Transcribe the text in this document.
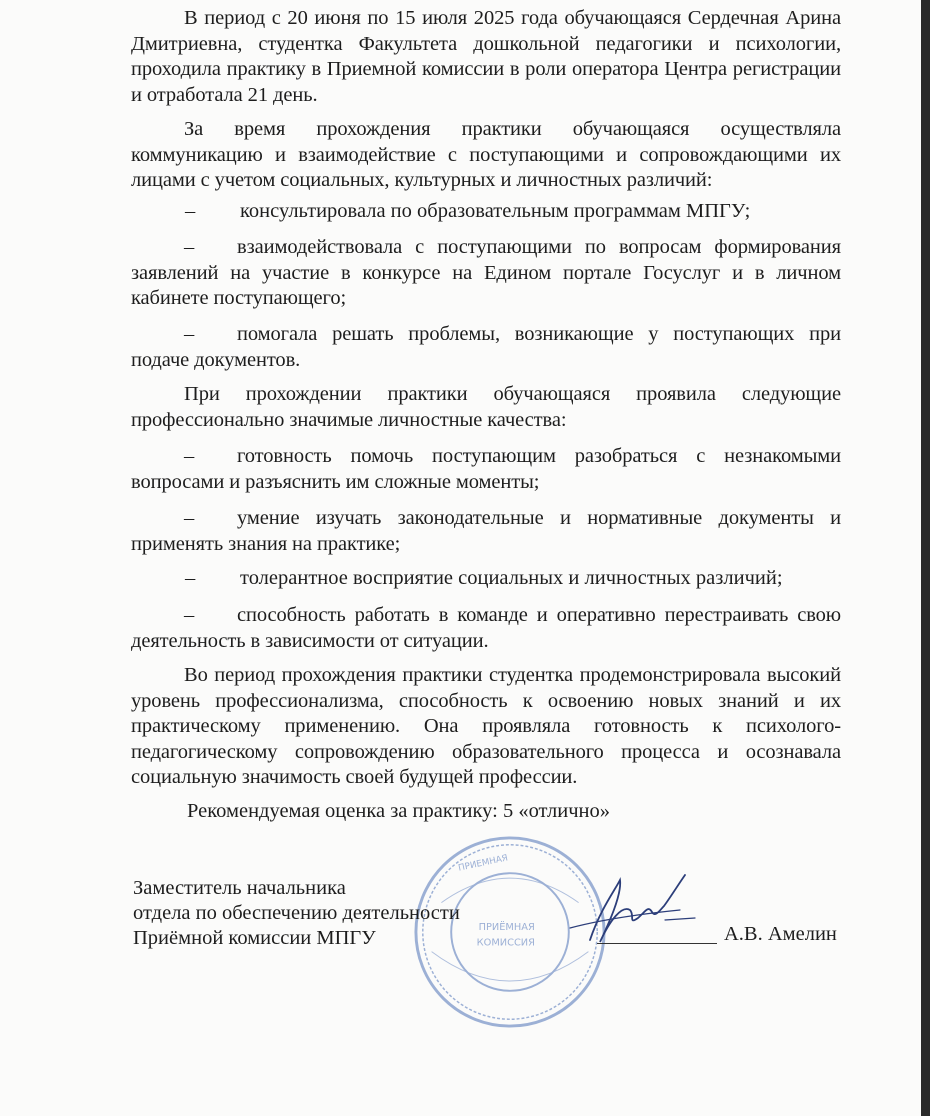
В период с 20 июня по 15 июля 2025 года обучающаяся Сердечная Арина Дмитриевна, студентка Факультета дошкольной педагогики и психологии, проходила практику в Приемной комиссии в роли оператора Центра регистрации и отработала 21 день.

За время прохождения практики обучающаяся осуществляла коммуникацию и взаимодействие с поступающими и сопровождающими их лицами с учетом социальных, культурных и личностных различий:

– консультировала по образовательным программам МПГУ;

– взаимодействовала с поступающими по вопросам формирования заявлений на участие в конкурсе на Едином портале Госуслуг и в личном кабинете поступающего;

– помогала решать проблемы, возникающие у поступающих при подаче документов.

При прохождении практики обучающаяся проявила следующие профессионально значимые личностные качества:

– готовность помочь поступающим разобраться с незнакомыми вопросами и разъяснить им сложные моменты;

– умение изучать законодательные и нормативные документы и применять знания на практике;

– толерантное восприятие социальных и личностных различий;

– способность работать в команде и оперативно перестраивать свою деятельность в зависимости от ситуации.

Во период прохождения практики студентка продемонстрировала высокий уровень профессионализма, способность к освоению новых знаний и их практическому применению. Она проявляла готовность к психолого-педагогическому сопровождению образовательного процесса и осознавала социальную значимость своей будущей профессии.

Рекомендуемая оценка за практику: 5 «отлично»

ПРИЕМНАЯ
ПРИЁМНАЯ
КОМИССИЯ
Заместитель начальника
отдела по обеспечению деятельности
Приёмной комиссии МПГУ	А.В. Амелин
